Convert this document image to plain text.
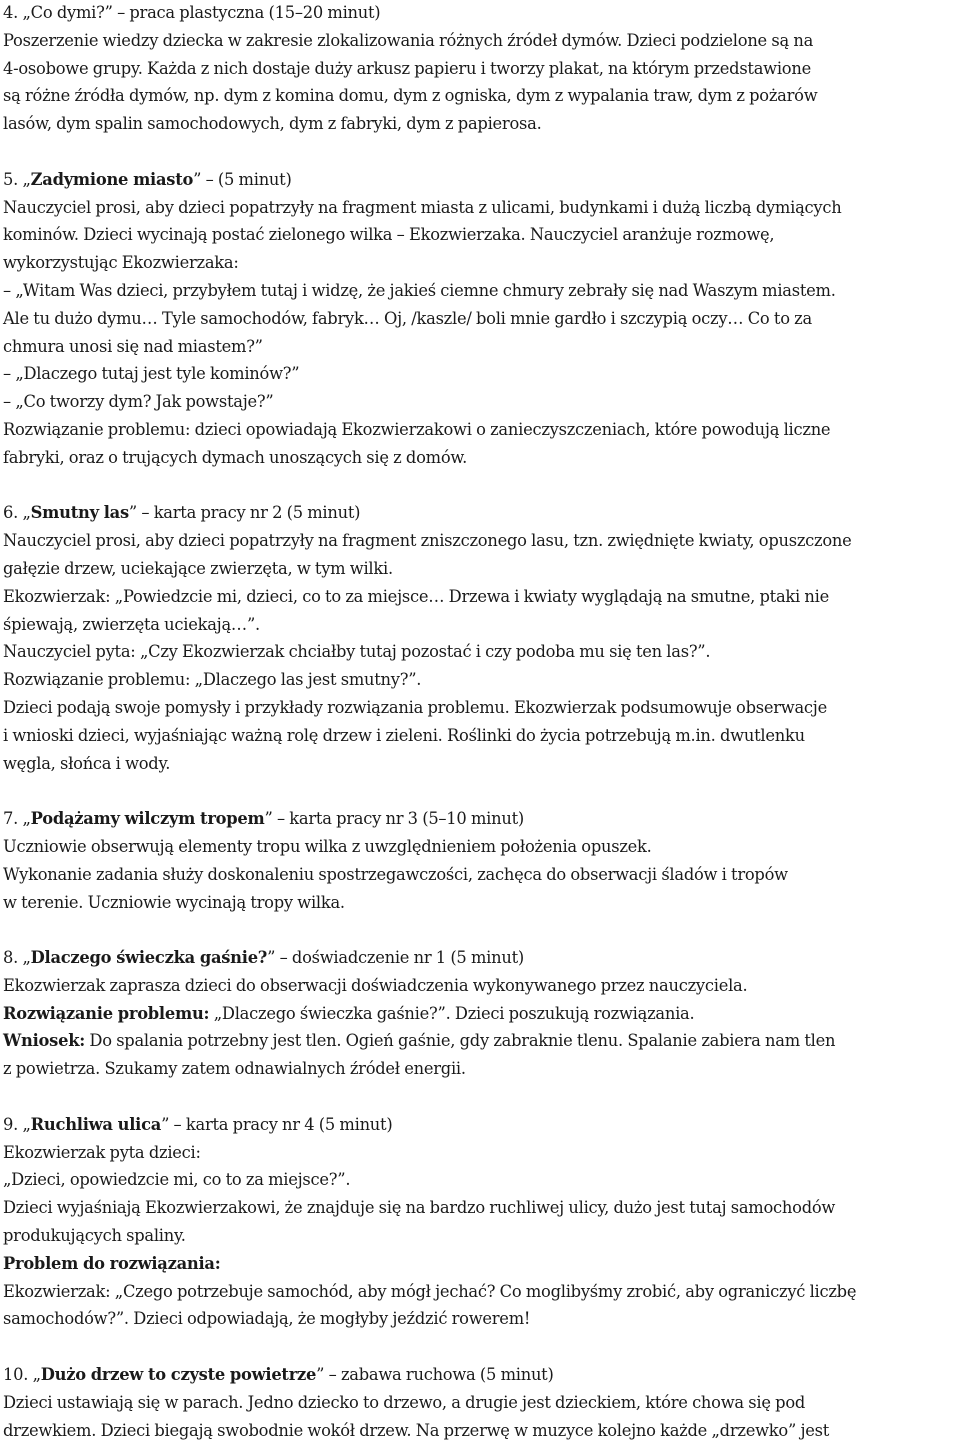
4. „Co dymi?” – praca plastyczna (15–20 minut)
Poszerzenie wiedzy dziecka w zakresie zlokalizowania różnych źródeł dymów. Dzieci podzielone są na
4-osobowe grupy. Każda z nich dostaje duży arkusz papieru i tworzy plakat, na którym przedstawione
są różne źródła dymów, np. dym z komina domu, dym z ogniska, dym z wypalania traw, dym z pożarów
lasów, dym spalin samochodowych, dym z fabryki, dym z papierosa.
5. „Zadymione miasto” – (5 minut)
Nauczyciel prosi, aby dzieci popatrzyły na fragment miasta z ulicami, budynkami i dużą liczbą dymiących
kominów. Dzieci wycinają postać zielonego wilka – Ekozwierzaka. Nauczyciel aranżuje rozmowę,
wykorzystując Ekozwierzaka:
– „Witam Was dzieci, przybyłem tutaj i widzę, że jakieś ciemne chmury zebrały się nad Waszym miastem.
Ale tu dużo dymu… Tyle samochodów, fabryk… Oj, /kaszle/ boli mnie gardło i szczypią oczy… Co to za
chmura unosi się nad miastem?”
– „Dlaczego tutaj jest tyle kominów?”
– „Co tworzy dym? Jak powstaje?”
Rozwiązanie problemu: dzieci opowiadają Ekozwierzakowi o zanieczyszczeniach, które powodują liczne
fabryki, oraz o trujących dymach unoszących się z domów.
6. „Smutny las” – karta pracy nr 2 (5 minut)
Nauczyciel prosi, aby dzieci popatrzyły na fragment zniszczonego lasu, tzn. zwiędnięte kwiaty, opuszczone
gałęzie drzew, uciekające zwierzęta, w tym wilki.
Ekozwierzak: „Powiedzcie mi, dzieci, co to za miejsce… Drzewa i kwiaty wyglądają na smutne, ptaki nie
śpiewają, zwierzęta uciekają…”.
Nauczyciel pyta: „Czy Ekozwierzak chciałby tutaj pozostać i czy podoba mu się ten las?”.
Rozwiązanie problemu: „Dlaczego las jest smutny?”.
Dzieci podają swoje pomysły i przykłady rozwiązania problemu. Ekozwierzak podsumowuje obserwacje
i wnioski dzieci, wyjaśniając ważną rolę drzew i zieleni. Roślinki do życia potrzebują m.in. dwutlenku
węgla, słońca i wody.
7. „Podążamy wilczym tropem” – karta pracy nr 3 (5–10 minut)
Uczniowie obserwują elementy tropu wilka z uwzględnieniem położenia opuszek.
Wykonanie zadania służy doskonaleniu spostrzegawczości, zachęca do obserwacji śladów i tropów
w terenie. Uczniowie wycinają tropy wilka.
8. „Dlaczego świeczka gaśnie?” – doświadczenie nr 1 (5 minut)
Ekozwierzak zaprasza dzieci do obserwacji doświadczenia wykonywanego przez nauczyciela.
Rozwiązanie problemu: „Dlaczego świeczka gaśnie?”. Dzieci poszukują rozwiązania.
Wniosek: Do spalania potrzebny jest tlen. Ogień gaśnie, gdy zabraknie tlenu. Spalanie zabiera nam tlen
z powietrza. Szukamy zatem odnawialnych źródeł energii.
9. „Ruchliwa ulica” – karta pracy nr 4 (5 minut)
Ekozwierzak pyta dzieci:
„Dzieci, opowiedzcie mi, co to za miejsce?”.
Dzieci wyjaśniają Ekozwierzakowi, że znajduje się na bardzo ruchliwej ulicy, dużo jest tutaj samochodów
produkujących spaliny.
Problem do rozwiązania:
Ekozwierzak: „Czego potrzebuje samochód, aby mógł jechać? Co moglibyśmy zrobić, aby ograniczyć liczbę
samochodów?”. Dzieci odpowiadają, że mogłyby jeździć rowerem!
10. „Dużo drzew to czyste powietrze” – zabawa ruchowa (5 minut)
Dzieci ustawiają się w parach. Jedno dziecko to drzewo, a drugie jest dzieckiem, które chowa się pod
drzewkiem. Dzieci biegają swobodnie wokół drzew. Na przerwę w muzyce kolejno każde „drzewko” jest
